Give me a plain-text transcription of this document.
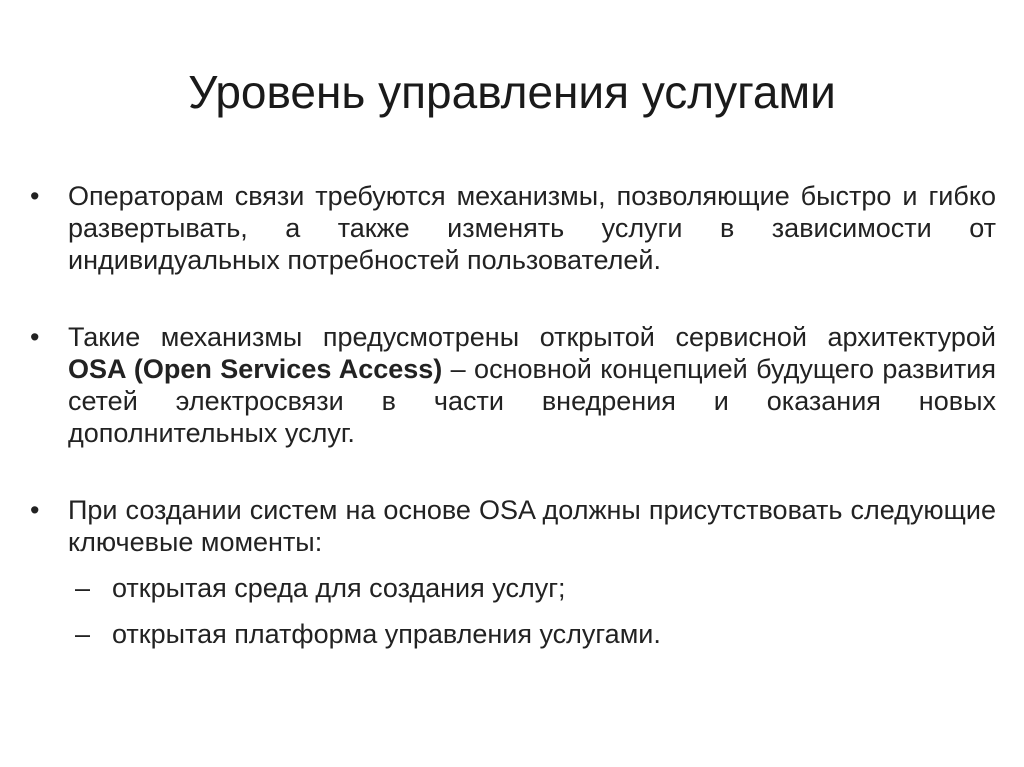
Уровень управления услугами
•	Операторам связи требуются механизмы, позволяющие быстро и гибко развертывать, а также изменять услуги в зависимости от индивидуальных потребностей пользователей.
•	Такие механизмы предусмотрены открытой сервисной архитектурой OSA (Open Services Access) – основной концепцией будущего развития сетей электросвязи в части внедрения и оказания новых дополнительных услуг.
•	При создании систем на основе OSA должны присутствовать следующие ключевые моменты:
– открытая среда для создания услуг;
– открытая платформа управления услугами.
